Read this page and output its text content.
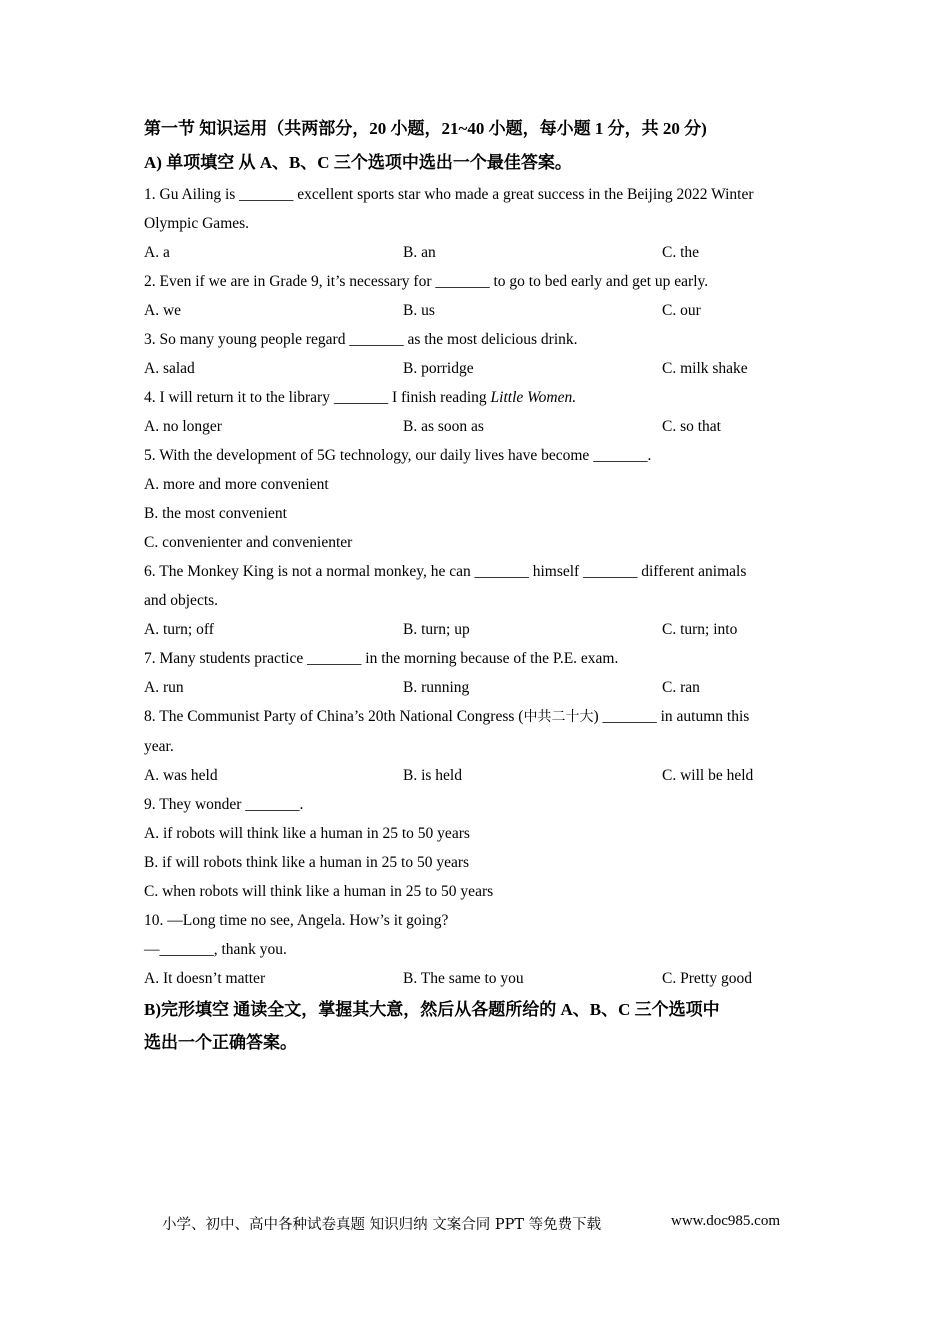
第一节 知识运用（共两部分，20 小题，21~40 小题，每小题 1 分，共 20 分)
A) 单项填空 从 A、B、C 三个选项中选出一个最佳答案。
1. Gu Ailing is _______ excellent sports star who made a great success in the Beijing 2022 Winter
Olympic Games.
A. a	B. an	C. the
2. Even if we are in Grade 9, it’s necessary for _______ to go to bed early and get up early.
A. we	B. us	C. our
3. So many young people regard _______ as the most delicious drink.
A. salad	B. porridge	C. milk shake
4. I will return it to the library _______ I finish reading Little Women.
A. no longer	B. as soon as	C. so that
5. With the development of 5G technology, our daily lives have become _______.
A. more and more convenient
B. the most convenient
C. convenienter and convenienter
6. The Monkey King is not a normal monkey, he can _______ himself _______ different animals
and objects.
A. turn; off	B. turn; up	C. turn; into
7. Many students practice _______ in the morning because of the P.E. exam.
A. run	B. running	C. ran
8. The Communist Party of China’s 20th National Congress (中共二十大) _______ in autumn this
year.
A. was held	B. is held	C. will be held
9. They wonder _______.
A. if robots will think like a human in 25 to 50 years
B. if will robots think like a human in 25 to 50 years
C. when robots will think like a human in 25 to 50 years
10. —Long time no see, Angela. How’s it going?
—_______, thank you.
A. It doesn’t matter	B. The same to you	C. Pretty good
B)完形填空 通读全文，掌握其大意，然后从各题所给的 A、B、C 三个选项中
选出一个正确答案。
小学、初中、高中各种试卷真题 知识归纳 文案合同 PPT 等免费下载	www.doc985.com
